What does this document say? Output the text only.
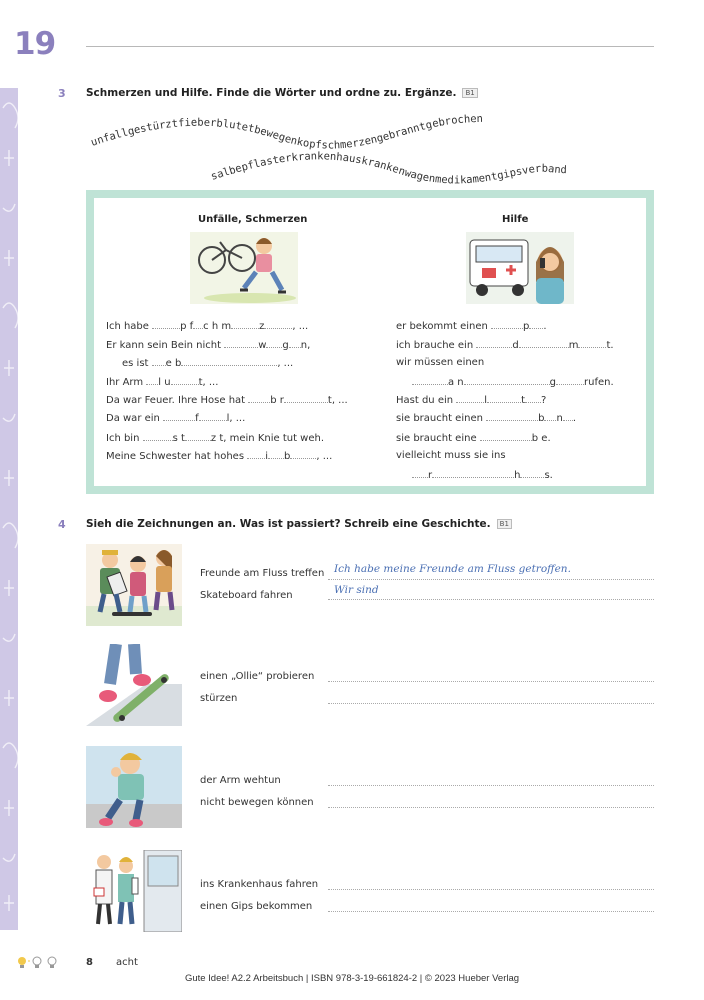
19
3 Schmerzen und Hilfe. Finde die Wörter und ordne zu. Ergänze. B1
unfallgestürztfieberblutetbewegenkopfschmerzengebranntgebrochen
salbepflasterkrankenhauskrankenwagenmedikamentgipsverband
Unfälle, Schmerzen	Hilfe
Ich habe	p f c h m	z	, ...
Er kann sein Bein nicht	w g n,
es ist e b	, ...
Ihr Arm l u	t, ...
Da war Feuer. Ihre Hose hat b r	t, ...
Da war ein	f	l, ...
Ich bin	s t	z t, mein Knie tut weh.
Meine Schwester hat hohes i b	, ...
er bekommt einen	p .
ich brauche ein	d	m	t.
wir müssen einen
a n	g	rufen.
Hast du ein	l	t ?
sie braucht einen	b n .
sie braucht eine	b e.
vielleicht muss sie ins
r	h s.
4 Sieh die Zeichnungen an. Was ist passiert? Schreib eine Geschichte. B1
Freunde am Fluss treffen
Skateboard fahren
Ich habe meine Freunde am Fluss getroffen.
Wir sind
einen „Ollie“ probieren
stürzen
der Arm wehtun
nicht bewegen können
ins Krankenhaus fahren
einen Gips bekommen
8 acht
Gute Idee! A2.2 Arbeitsbuch | ISBN 978-3-19-661824-2 | © 2023 Hueber Verlag
